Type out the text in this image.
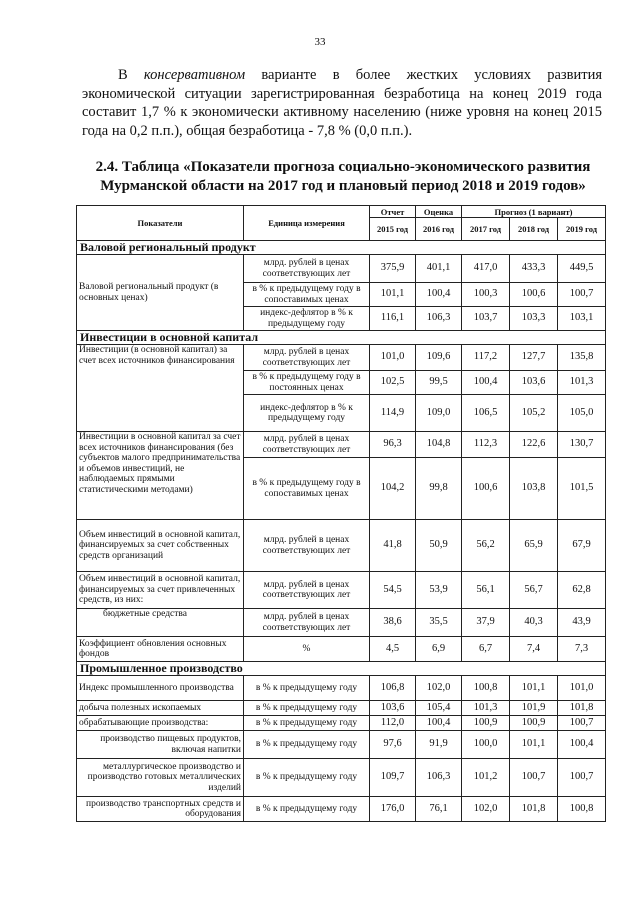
33

В консервативном варианте в более жестких условиях развития экономической ситуации зарегистрированная безработица на конец 2019 года составит 1,7 % к экономически активному населению (ниже уровня на конец 2015 года на 0,2 п.п.), общая безработица - 7,8 % (0,0 п.п.).

2.4. Таблица «Показатели прогноза социально-экономического развития Мурманской области на 2017 год и плановый период 2018 и 2019 годов»

Показатели	Единица измерения	Отчет	Оценка	Прогноз (1 вариант)		
		2015 год	2016 год	2017 год	2018 год	2019 год
Валовой региональный продукт						
Валовой региональный продукт (в основных ценах)	млрд. рублей в ценах соответствующих лет	375,9	401,1	417,0	433,3	449,5
	в % к предыдущему году в сопоставимых ценах	101,1	100,4	100,3	100,6	100,7
	индекс-дефлятор в % к предыдущему году	116,1	106,3	103,7	103,3	103,1
Инвестиции в основной капитал						
Инвестиции (в основной капитал) за счет всех источников финансирования	млрд. рублей в ценах соответствующих лет	101,0	109,6	117,2	127,7	135,8
	в % к предыдущему году в постоянных ценах	102,5	99,5	100,4	103,6	101,3
	индекс-дефлятор в % к предыдущему году	114,9	109,0	106,5	105,2	105,0
Инвестиции в основной капитал за счет всех источников финансирования (без субъектов малого предпринимательства и объемов инвестиций, не наблюдаемых прямыми статистическими методами)	млрд. рублей в ценах соответствующих лет	96,3	104,8	112,3	122,6	130,7
	в % к предыдущему году в сопоставимых ценах	104,2	99,8	100,6	103,8	101,5
Объем инвестиций в основной капитал, финансируемых за счет собственных средств организаций	млрд. рублей в ценах соответствующих лет	41,8	50,9	56,2	65,9	67,9
Объем инвестиций в основной капитал, финансируемых за счет привлеченных средств, из них:	млрд. рублей в ценах соответствующих лет	54,5	53,9	56,1	56,7	62,8
бюджетные средства	млрд. рублей в ценах соответствующих лет	38,6	35,5	37,9	40,3	43,9
Коэффициент обновления основных фондов	%	4,5	6,9	6,7	7,4	7,3
Промышленное производство						
Индекс промышленного производства	в % к предыдущему году	106,8	102,0	100,8	101,1	101,0
добыча полезных ископаемых	в % к предыдущему году	103,6	105,4	101,3	101,9	101,8
обрабатывающие производства:	в % к предыдущему году	112,0	100,4	100,9	100,9	100,7
производство пищевых продуктов, включая напитки	в % к предыдущему году	97,6	91,9	100,0	101,1	100,4
металлургическое производство и производство готовых металлических изделий	в % к предыдущему году	109,7	106,3	101,2	100,7	100,7
производство транспортных средств и оборудования	в % к предыдущему году	176,0	76,1	102,0	101,8	100,8
